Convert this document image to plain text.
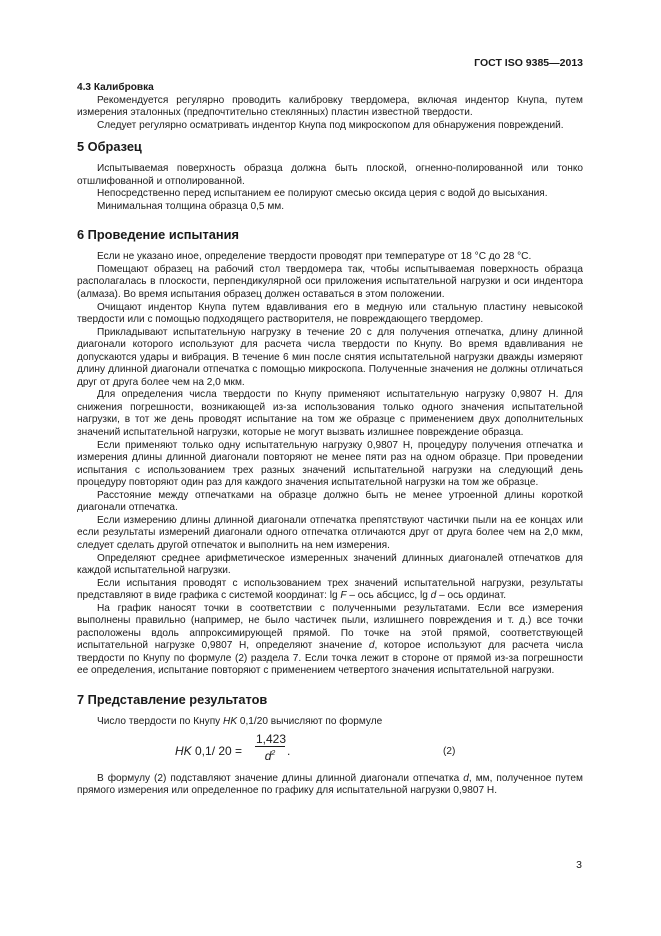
ГОСТ ISO 9385—2013
4.3 Калибровка

Рекомендуется регулярно проводить калибровку твердомера, включая индентор Кнупа, путем измерения эталонных (предпочтительно стеклянных) пластин известной твердости.

Следует регулярно осматривать индентор Кнупа под микроскопом для обнаружения повреждений.

5 Образец

Испытываемая поверхность образца должна быть плоской, огненно-полированной или тонко отшлифованной и отполированной.

Непосредственно перед испытанием ее полируют смесью оксида церия с водой до высыхания.

Минимальная толщина образца 0,5 мм.

6 Проведение испытания

Если не указано иное, определение твердости проводят при температуре от 18 °С до 28 °С.

Помещают образец на рабочий стол твердомера так, чтобы испытываемая поверхность образца располагалась в плоскости, перпендикулярной оси приложения испытательной нагрузки и оси индентора (алмаза). Во время испытания образец должен оставаться в этом положении.

Очищают индентор Кнупа путем вдавливания его в медную или стальную пластину невысокой твердости или с помощью подходящего растворителя, не повреждающего твердомер.

Прикладывают испытательную нагрузку в течение 20 с для получения отпечатка, длину длинной диагонали которого используют для расчета числа твердости по Кнупу. Во время вдавливания не допускаются удары и вибрация. В течение 6 мин после снятия испытательной нагрузки дважды измеряют длину длинной диагонали отпечатка с помощью микроскопа. Полученные значения не должны отличаться друг от друга более чем на 2,0 мкм.

Для определения числа твердости по Кнупу применяют испытательную нагрузку 0,9807 Н. Для снижения погрешности, возникающей из-за использования только одного значения испытательной нагрузки, в тот же день проводят испытание на том же образце с применением двух дополнительных значений испытательной нагрузки, которые не могут вызвать излишнее повреждение образца.

Если применяют только одну испытательную нагрузку 0,9807 Н, процедуру получения отпечатка и измерения длины длинной диагонали повторяют не менее пяти раз на одном образце. При проведении испытания с использованием трех разных значений испытательной нагрузки на следующий день процедуру повторяют один раз для каждого значения испытательной нагрузки на том же образце.

Расстояние между отпечатками на образце должно быть не менее утроенной длины короткой диагонали отпечатка.

Если измерению длины длинной диагонали отпечатка препятствуют частички пыли на ее концах или если результаты измерений диагонали одного отпечатка отличаются друг от друга более чем на 2,0 мкм, следует сделать другой отпечаток и выполнить на нем измерения.

Определяют среднее арифметическое измеренных значений длинных диагоналей отпечатков для каждой испытательной нагрузки.

Если испытания проводят с использованием трех значений испытательной нагрузки, результаты представляют в виде графика с системой координат: lg F – ось абсцисс, lg d – ось ординат.

На график наносят точки в соответствии с полученными результатами. Если все измерения выполнены правильно (например, не было частичек пыли, излишнего повреждения и т. д.) все точки расположены вдоль аппроксимирующей прямой. По точке на этой прямой, соответствующей испытательной нагрузке 0,9807 Н, определяют значение d, которое используют для расчета числа твердости по Кнупу по формуле (2) раздела 7. Если точка лежит в стороне от прямой из-за погрешности ее определения, испытание повторяют с применением четвертого значения испытательной нагрузки.

7 Представление результатов

Число твердости по Кнупу HK 0,1/20 вычисляют по формуле

HK 0,1/ $20 = \frac{1,423}{d^2}$ .	(2)

В формулу (2) подставляют значение длины длинной диагонали отпечатка d, мм, полученное путем прямого измерения или определенное по графику для испытательной нагрузки 0,9807 Н.

3
